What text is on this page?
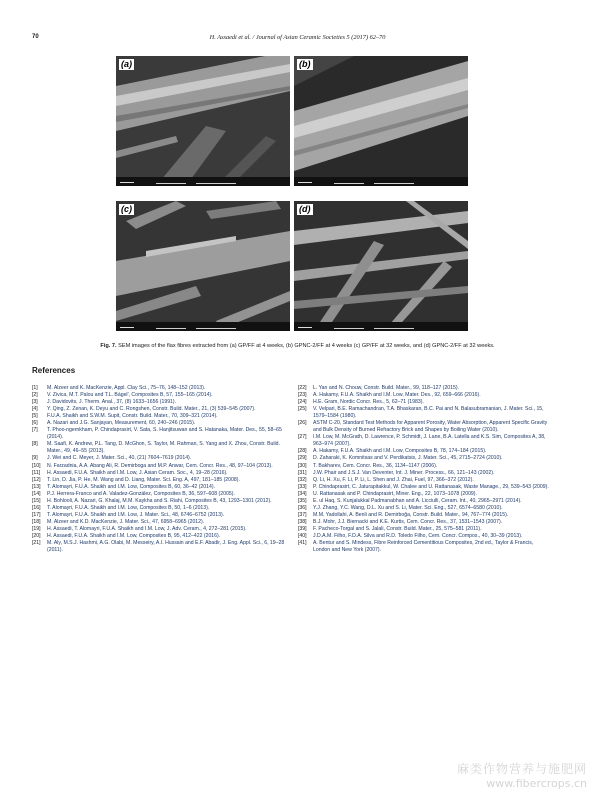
70	H. Assaedi et al. / Journal of Asian Ceramic Societies 5 (2017) 62–70
(a)	(b)
(c)	(d)
Fig. 7. SEM images of the flax fibres extracted from (a) GP/FF at 4 weeks, (b) GPNC-2/FF at 4 weeks (c) GP/FF at 32 weeks, and (d) GPNC-2/FF at 32 weeks.
References
[1] M. Alzeer and K. MacKenzie, Appl. Clay Sci., 75–76, 148–152 (2013).
[2] V. Zivica, M.T. Palou and T.L. Bágel', Composites B, 57, 155–165 (2014).
[3] J. Davidovits, J. Therm. Anal., 37, (8) 1633–1656 (1991).
[4] Y. Qing, Z. Zenan, K. Deyu and C. Rongshen, Constr. Build. Mater., 21, (3) 539–545 (2007).
[5] F.U.A. Shaikh and S.W.M. Supit, Constr. Build. Mater., 70, 309–321 (2014).
[6] A. Nazari and J.G. Sanjayan, Measurement, 60, 240–246 (2015).
[7] T. Phoo-ngernkham, P. Chindaprasirt, V. Sata, S. Hanjitsuwan and S. Hatanaka, Mater. Des., 55, 58–65 (2014).
[8] M. Saafi, K. Andrew, P.L. Tang, D. McGhon, S. Taylor, M. Rahman, S. Yang and X. Zhou, Constr. Build. Mater., 49, 46–55 (2013).
[9] J. Wei and C. Meyer, J. Mater. Sci., 40, (21) 7604–7619 (2014).
[10] N. Farzadnia, A.A. Abang Ali, R. Demirboga and M.P. Anwar, Cem. Concr. Res., 48, 97–104 (2013).
[11] H. Assaedi, F.U.A. Shaikh and I.M. Low, J. Asian Ceram. Soc., 4, 19–28 (2016).
[12] T. Lin, D. Jia, P. He, M. Wang and D. Liang, Mater. Sci. Eng. A, 497, 181–185 (2008).
[13] T. Alomayri, F.U.A. Shaikh and I.M. Low, Composites B, 60, 36–42 (2014).
[14] P.J. Herrera-Franco and A. Valadez-González, Composites B, 36, 597–608 (2005).
[15] H. Bohlooli, A. Nazari, G. Khalaj, M.M. Kaykha and S. Riahi, Composites B, 43, 1293–1301 (2012).
[16] T. Alomayri, F.U.A. Shaikh and I.M. Low, Composites B, 50, 1–6 (2013).
[17] T. Alomayri, F.U.A. Shaikh and I.M. Low, J. Mater. Sci., 48, 6746–6752 (2013).
[18] M. Alzeer and K.D. MacKenzie, J. Mater. Sci., 47, 6958–6965 (2012).
[19] H. Assaedi, T. Alomayri, F.U.A. Shaikh and I.M. Low, J. Adv. Ceram., 4, 272–281 (2015).
[20] H. Assaedi, F.U.A. Shaikh and I.M. Low, Composites B, 95, 412–422 (2016).
[21] M. Aly, M.S.J. Hashmi, A.G. Olabi, M. Messeiry, A.I. Hussain and E.F. Abadir, J. Eng. Appl. Sci., 6, 19–28 (2011).
[22] L. Yan and N. Chouw, Constr. Build. Mater., 99, 118–127 (2015).
[23] A. Hakamy, F.U.A. Shaikh and I.M. Low, Mater. Des., 92, 659–666 (2016).
[24] H.E. Gram, Nordic Concr. Res., 5, 62–71 (1983).
[25] V. Velpari, B.E. Ramachandran, T.A. Bhaskaran, B.C. Pai and N. Balasubramanian, J. Mater. Sci., 15, 1579–1584 (1980).
[26] ASTM C-20, Standard Test Methods for Apparent Porosity, Water Absorption, Apparent Specific Gravity and Bulk Density of Burned Refractory Brick and Shapes by Boiling Water (2010).
[27] I.M. Low, M. McGrath, D. Lawrence, P. Schmidt, J. Lane, B.A. Latella and K.S. Sim, Composites A, 38, 963–974 (2007).
[28] A. Hakamy, F.U.A. Shaikh and I.M. Low, Composites B, 78, 174–184 (2015).
[29] D. Zaharaki, K. Komnitsas and V. Perdikatsis, J. Mater. Sci., 45, 2715–2724 (2010).
[30] T. Bakharev, Cem. Concr. Res., 36, 1134–1147 (2006).
[31] J.W. Phair and J.S.J. Van Deventer, Int. J. Miner. Process., 66, 121–143 (2002).
[32] Q. Li, H. Xu, F. Li, P. Li, L. Shen and J. Zhai, Fuel, 97, 366–372 (2012).
[33] P. Chindaprasirt, C. Jaturapitakkul, W. Chalee and U. Rattanasak, Waste Manage., 29, 539–543 (2009).
[34] U. Rattanasak and P. Chindaprasirt, Miner. Eng., 22, 1073–1078 (2009).
[35] E. ul Haq, S. Kunjalukkal Padmanabhan and A. Licciulli, Ceram. Int., 40, 2965–2971 (2014).
[36] Y.J. Zhang, Y.C. Wang, D.L. Xu and S. Li, Mater. Sci. Eng., 527, 6574–6580 (2010).
[37] M.M. Yadollahi, A. Benli and R. Demirboğa, Constr. Build. Mater., 94, 767–774 (2015).
[38] B.J. Mohr, J.J. Biernacki and K.E. Kurtis, Cem. Concr. Res., 37, 1531–1543 (2007).
[39] F. Pacheco-Torgal and S. Jalali, Constr. Build. Mater., 25, 575–581 (2011).
[40] J.D.A.M. Filho, F.D.A. Silva and R.D. Toledo Filho, Cem. Concr. Compos., 40, 30–39 (2013).
[41] A. Bentur and S. Mindess, Fibre Reinforced Cementitious Composites, 2nd ed., Taylor & Francis, London and New York (2007).
麻类作物营养与施肥网
www.fibercrops.cn
